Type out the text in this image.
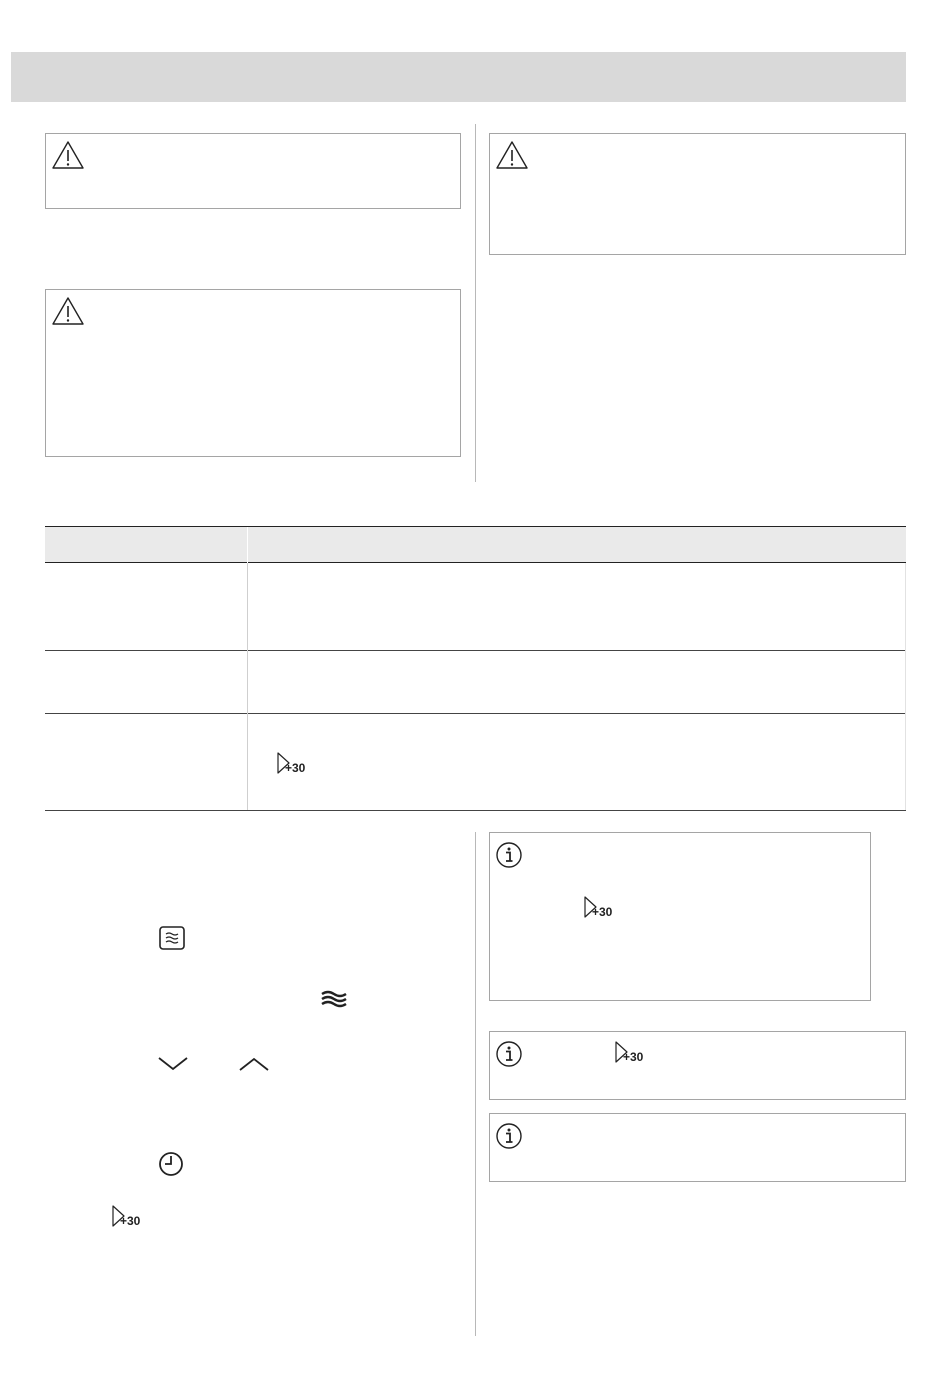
+30
+30
+30
+30
